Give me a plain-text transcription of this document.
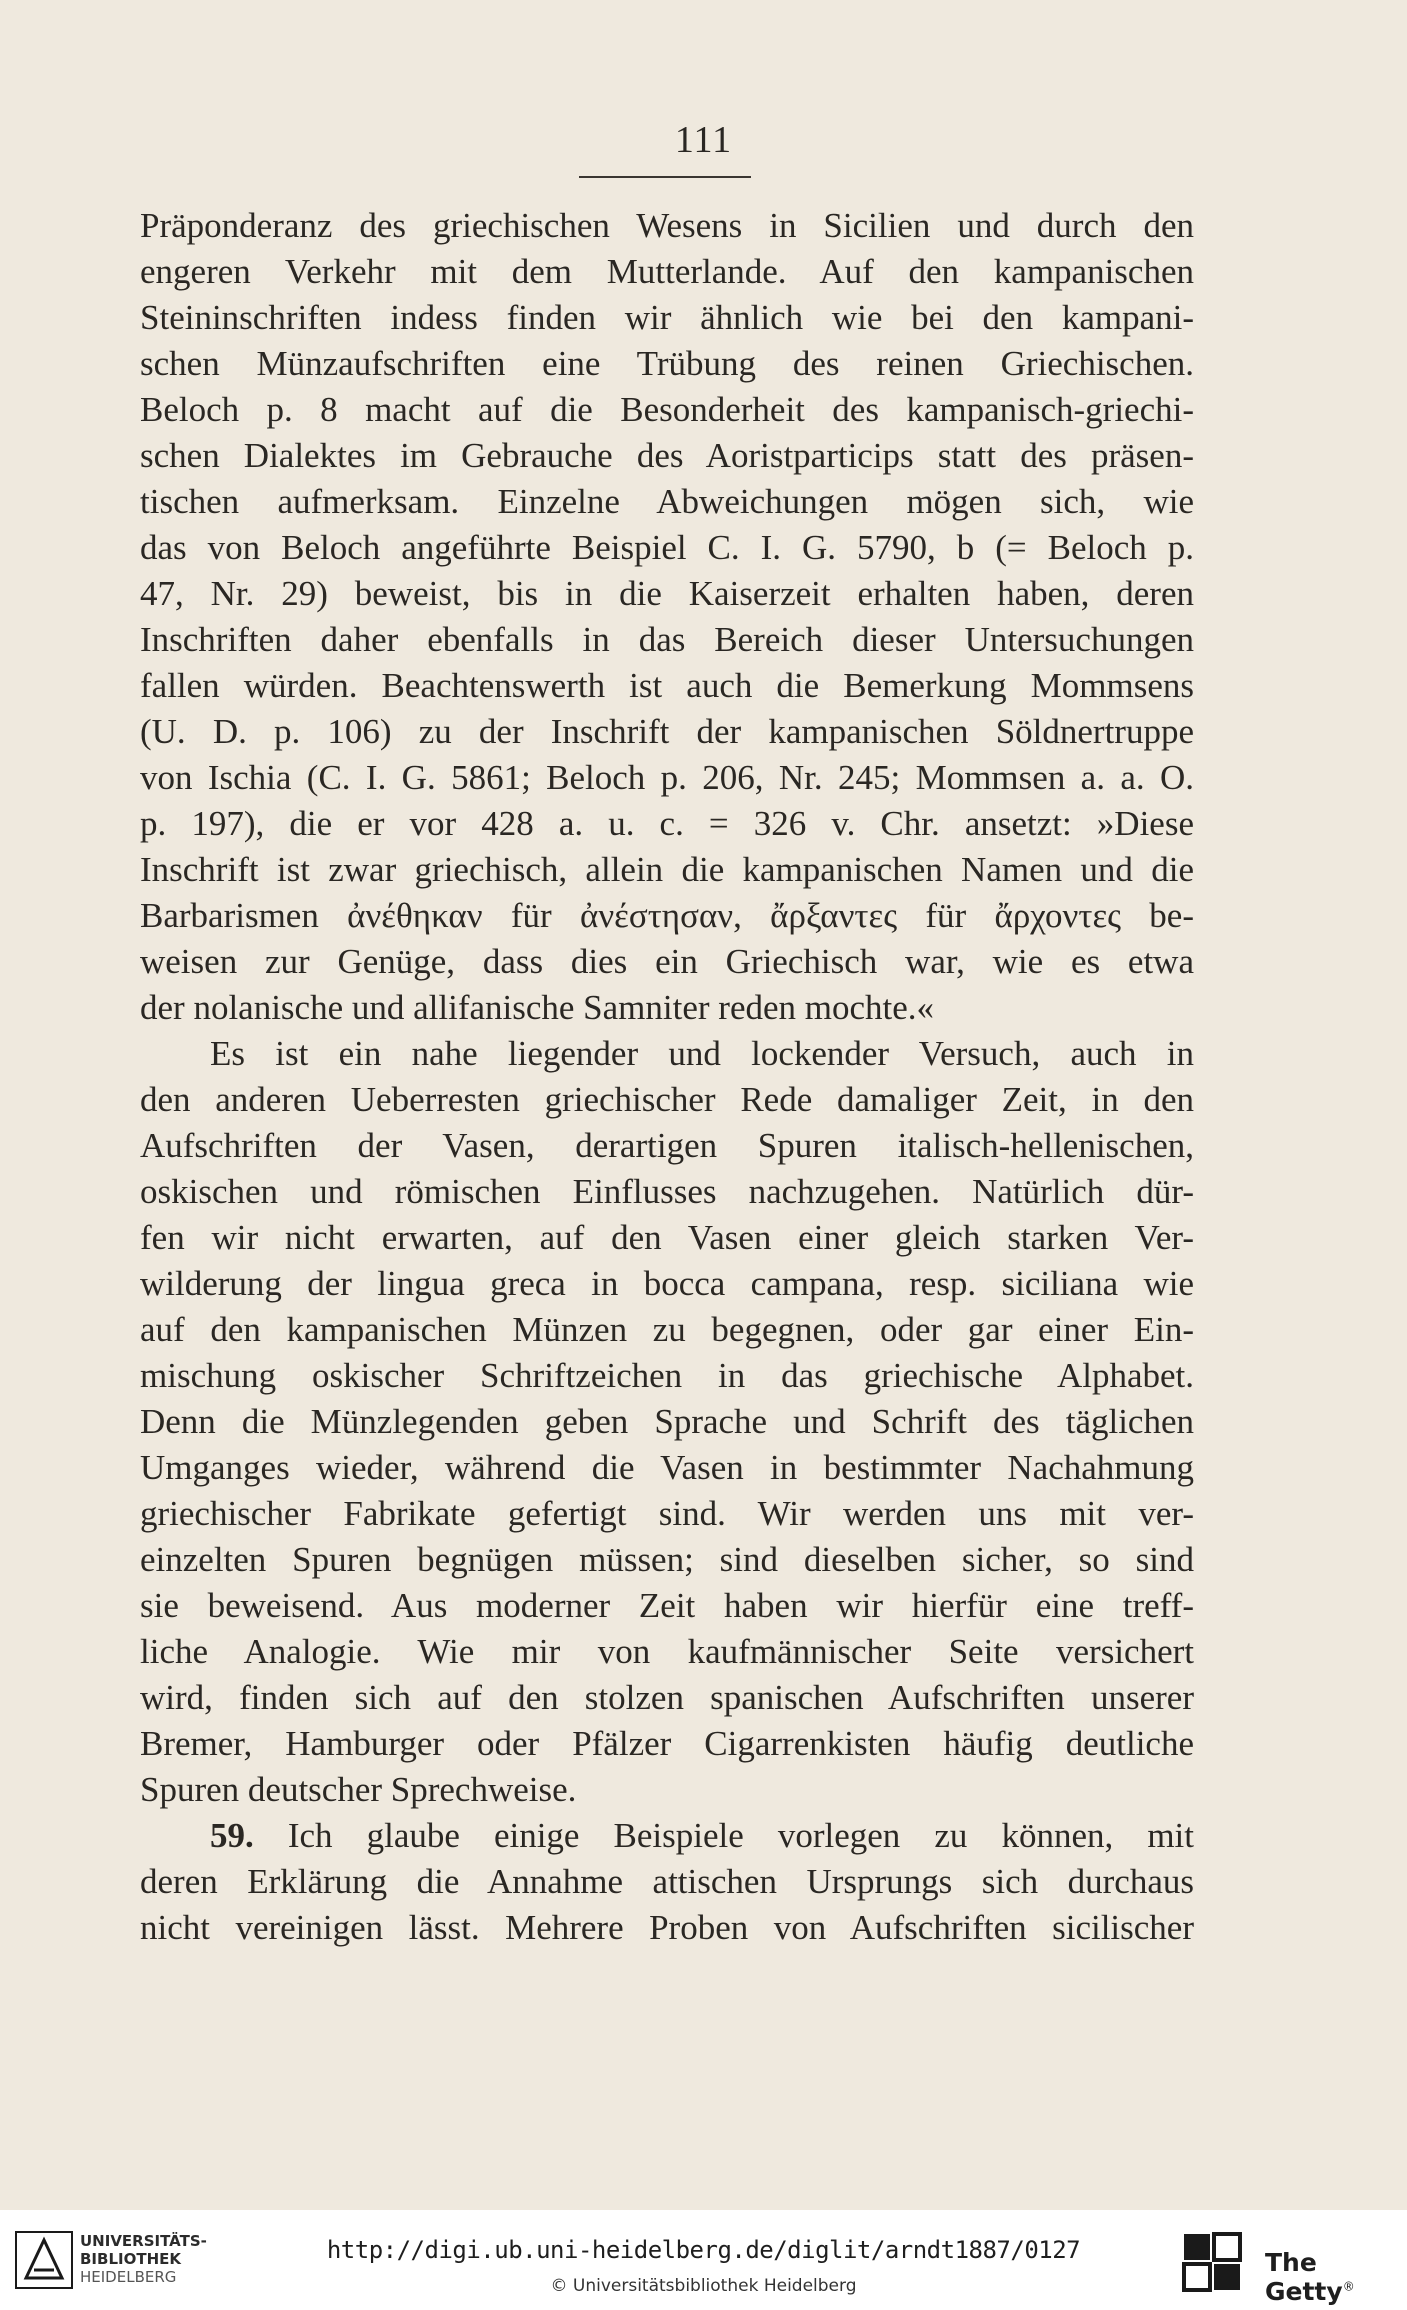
111
Präponderanz des griechischen Wesens in Sicilien und durch den
engeren Verkehr mit dem Mutterlande. Auf den kampanischen
Steininschriften indess finden wir ähnlich wie bei den kampani-
schen Münzaufschriften eine Trübung des reinen Griechischen.
Beloch p. 8 macht auf die Besonderheit des kampanisch-griechi-
schen Dialektes im Gebrauche des Aoristparticips statt des präsen-
tischen aufmerksam. Einzelne Abweichungen mögen sich, wie
das von Beloch angeführte Beispiel C. I. G. 5790, b (= Beloch p.
47, Nr. 29) beweist, bis in die Kaiserzeit erhalten haben, deren
Inschriften daher ebenfalls in das Bereich dieser Untersuchungen
fallen würden. Beachtenswerth ist auch die Bemerkung Mommsens
(U. D. p. 106) zu der Inschrift der kampanischen Söldnertruppe
von Ischia (C. I. G. 5861; Beloch p. 206, Nr. 245; Mommsen a. a. O.
p. 197), die er vor 428 a. u. c. = 326 v. Chr. ansetzt: »Diese
Inschrift ist zwar griechisch, allein die kampanischen Namen und die
Barbarismen ἀνέθηκαν für ἀνέστησαν, ἄρξαντες für ἄρχοντες be-
weisen zur Genüge, dass dies ein Griechisch war, wie es etwa
der nolanische und allifanische Samniter reden mochte.«
Es ist ein nahe liegender und lockender Versuch, auch in
den anderen Ueberresten griechischer Rede damaliger Zeit, in den
Aufschriften der Vasen, derartigen Spuren italisch-hellenischen,
oskischen und römischen Einflusses nachzugehen. Natürlich dür-
fen wir nicht erwarten, auf den Vasen einer gleich starken Ver-
wilderung der lingua greca in bocca campana, resp. siciliana wie
auf den kampanischen Münzen zu begegnen, oder gar einer Ein-
mischung oskischer Schriftzeichen in das griechische Alphabet.
Denn die Münzlegenden geben Sprache und Schrift des täglichen
Umganges wieder, während die Vasen in bestimmter Nachahmung
griechischer Fabrikate gefertigt sind. Wir werden uns mit ver-
einzelten Spuren begnügen müssen; sind dieselben sicher, so sind
sie beweisend. Aus moderner Zeit haben wir hierfür eine treff-
liche Analogie. Wie mir von kaufmännischer Seite versichert
wird, finden sich auf den stolzen spanischen Aufschriften unserer
Bremer, Hamburger oder Pfälzer Cigarrenkisten häufig deutliche
Spuren deutscher Sprechweise.
59. Ich glaube einige Beispiele vorlegen zu können, mit
deren Erklärung die Annahme attischen Ursprungs sich durchaus
nicht vereinigen lässt. Mehrere Proben von Aufschriften sicilischer
UNIVERSITÄTS-
BIBLIOTHEK
HEIDELBERG
http://digi.ub.uni-heidelberg.de/diglit/arndt1887/0127
© Universitätsbibliothek Heidelberg
The Getty®
